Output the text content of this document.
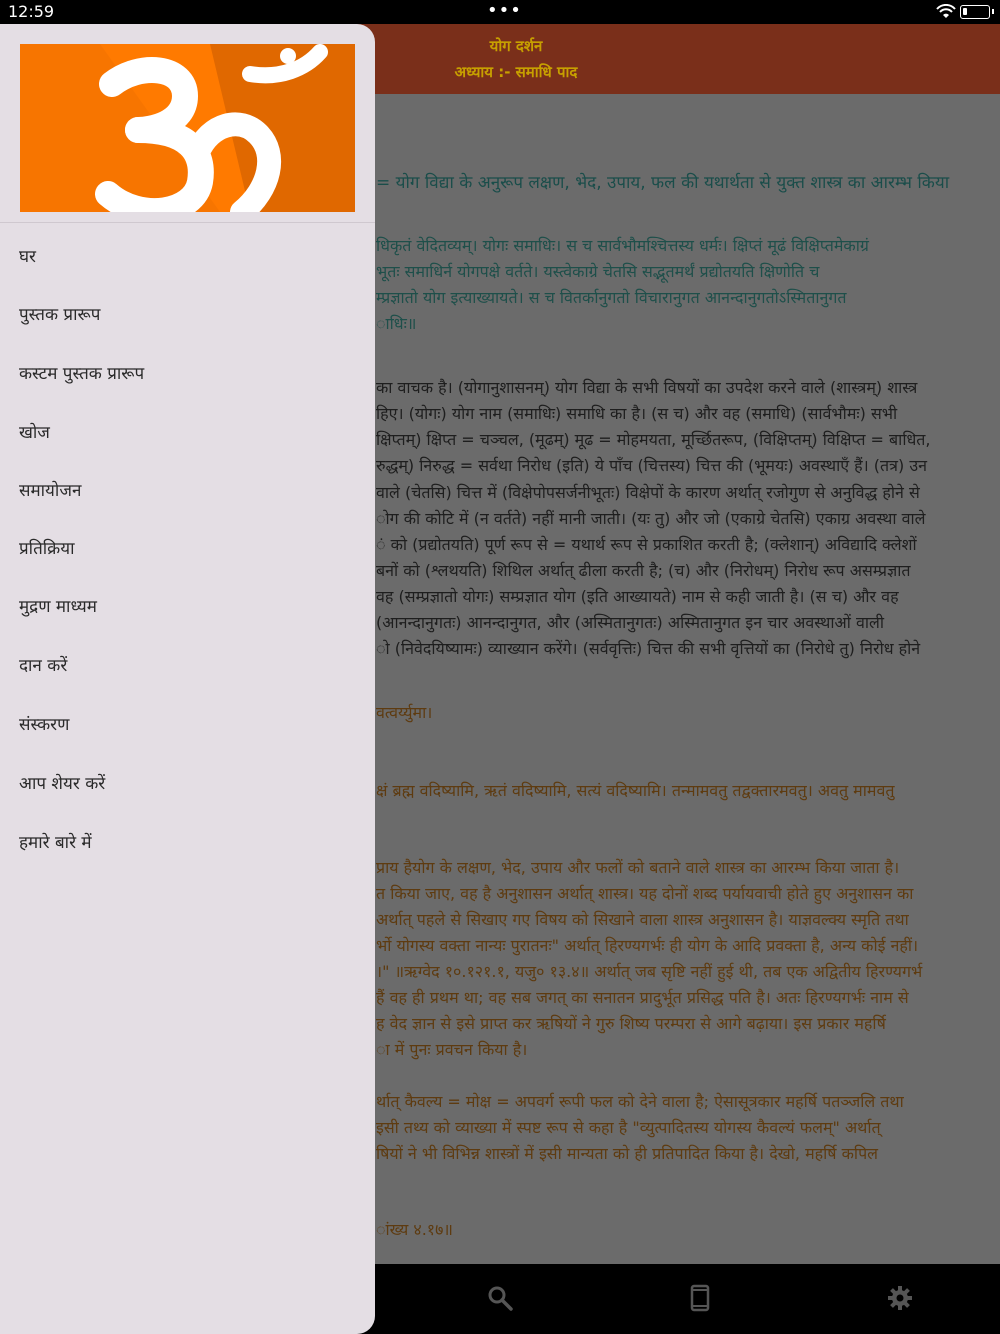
12:59	•••
योग दर्शन
अध्याय :- समाधि पाद
= योग विद्या के अनुरूप लक्षण, भेद, उपाय, फल की यथार्थता से युक्त शास्त्र का आरम्भ किया
धिकृतं वेदितव्यम्। योगः समाधिः। स च सार्वभौमश्चित्तस्य धर्मः। क्षिप्तं मूढं विक्षिप्तमेकाग्रं
भूतः समाधिर्न योगपक्षे वर्तते। यस्त्वेकाग्रे चेतसि सद्भूतमर्थं प्रद्योतयति क्षिणोति च
म्प्रज्ञातो योग इत्याख्यायते। स च वितर्कानुगतो विचारानुगत आनन्दानुगतोऽस्मितानुगत
ाधिः॥
का वाचक है। (योगानुशासनम्) योग विद्या के सभी विषयों का उपदेश करने वाले (शास्त्रम्) शास्त्र
हिए। (योगः) योग नाम (समाधिः) समाधि का है। (स च) और वह (समाधि) (सार्वभौमः) सभी
क्षिप्तम्) क्षिप्त = चञ्चल, (मूढम्) मूढ = मोहमयता, मूर्च्छितरूप, (विक्षिप्तम्) विक्षिप्त = बाधित,
रुद्धम्) निरुद्ध = सर्वथा निरोध (इति) ये पाँच (चित्तस्य) चित्त की (भूमयः) अवस्थाएँ हैं। (तत्र) उन
वाले (चेतसि) चित्त में (विक्षेपोपसर्जनीभूतः) विक्षेपों के कारण अर्थात् रजोगुण से अनुविद्ध होने से
ोग की कोटि में (न वर्तते) नहीं मानी जाती। (यः तु) और जो (एकाग्रे चेतसि) एकाग्र अवस्था वाले
ं को (प्रद्योतयति) पूर्ण रूप से = यथार्थ रूप से प्रकाशित करती है; (क्लेशान्) अविद्यादि क्लेशों
बनों को (श्लथयति) शिथिल अर्थात् ढीला करती है; (च) और (निरोधम्) निरोध रूप असम्प्रज्ञात
वह (सम्प्रज्ञातो योगः) सम्प्रज्ञात योग (इति आख्यायते) नाम से कही जाती है। (स च) और वह
(आनन्दानुगतः) आनन्दानुगत, और (अस्मितानुगतः) अस्मितानुगत इन चार अवस्थाओं वाली
ो (निवेदयिष्यामः) व्याख्यान करेंगे। (सर्ववृत्तिः) चित्त की सभी वृत्तियों का (निरोधे तु) निरोध होने
वत्वर्य्युमा।
क्षं ब्रह्म वदिष्यामि, ऋतं वदिष्यामि, सत्यं वदिष्यामि। तन्मामवतु तद्वक्तारमवतु। अवतु मामवतु
प्राय हैयोग के लक्षण, भेद, उपाय और फलों को बताने वाले शास्त्र का आरम्भ किया जाता है।
त किया जाए, वह है अनुशासन अर्थात् शास्त्र। यह दोनों शब्द पर्यायवाची होते हुए अनुशासन का
अर्थात् पहले से सिखाए गए विषय को सिखाने वाला शास्त्र अनुशासन है। याज्ञवल्क्य स्मृति तथा
र्भो योगस्य वक्ता नान्यः पुरातनः" अर्थात् हिरण्यगर्भः ही योग के आदि प्रवक्ता है, अन्य कोई नहीं।
।" ॥ऋग्वेद १०.१२१.१, यजु० १३.४॥ अर्थात् जब सृष्टि नहीं हुई थी, तब एक अद्वितीय हिरण्यगर्भ
हैं वह ही प्रथम था; वह सब जगत् का सनातन प्रादुर्भूत प्रसिद्ध पति है। अतः हिरण्यगर्भः नाम से
ह वेद ज्ञान से इसे प्राप्त कर ऋषियों ने गुरु शिष्य परम्परा से आगे बढ़ाया। इस प्रकार महर्षि
ा में पुनः प्रवचन किया है।
र्थात् कैवल्य = मोक्ष = अपवर्ग रूपी फल को देने वाला है; ऐसासूत्रकार महर्षि पतञ्जलि तथा
इसी तथ्य को व्याख्या में स्पष्ट रूप से कहा है "व्युत्पादितस्य योगस्य कैवल्यं फलम्" अर्थात्
षियों ने भी विभिन्न शास्त्रों में इसी मान्यता को ही प्रतिपादित किया है। देखो, महर्षि कपिल
ांख्य ४.१७॥
घर
पुस्तक प्रारूप
कस्टम पुस्तक प्रारूप
खोज
समायोजन
प्रतिक्रिया
मुद्रण माध्यम
दान करें
संस्करण
आप शेयर करें
हमारे बारे में
